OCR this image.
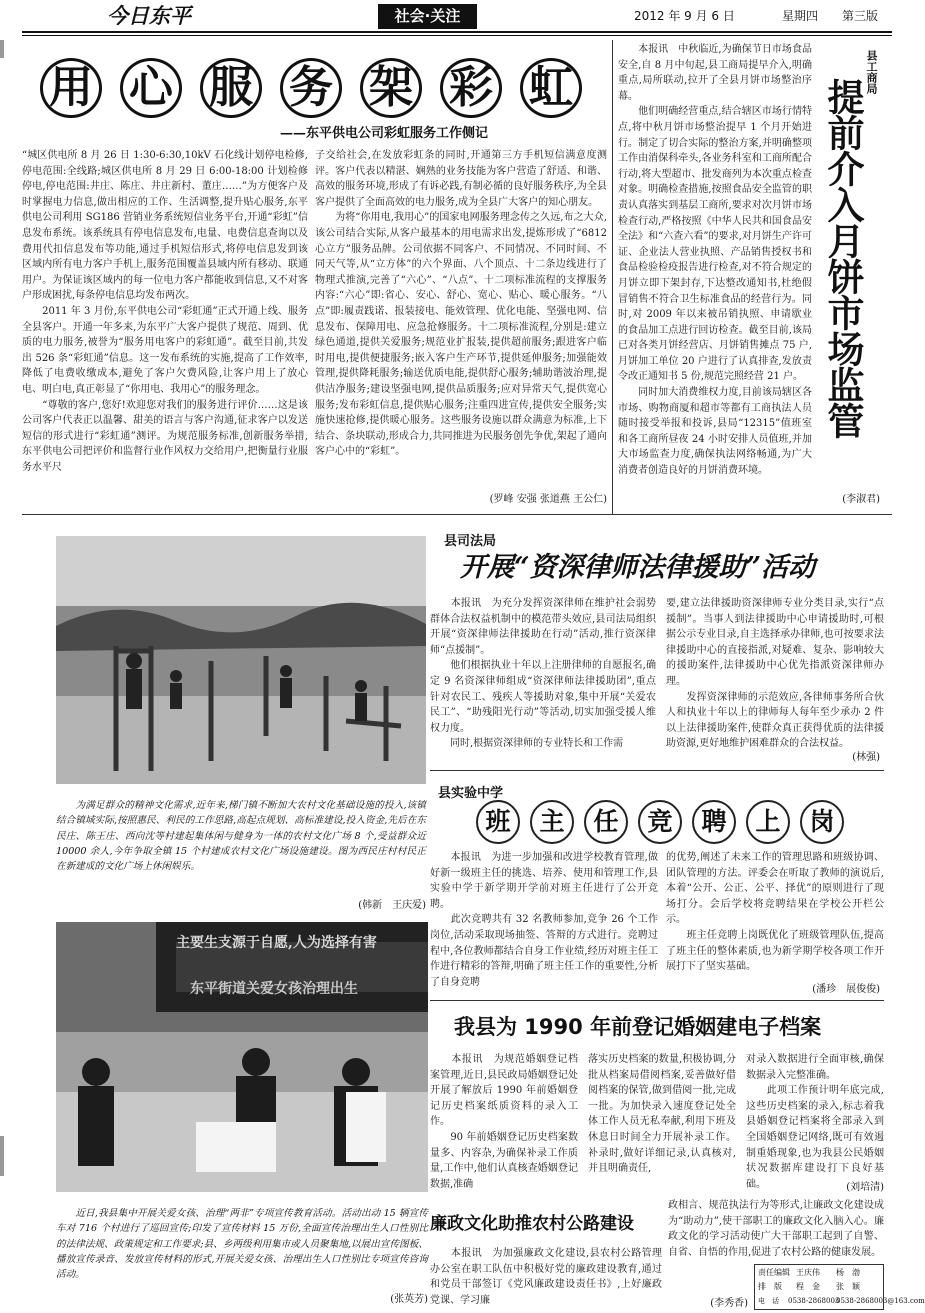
今日东平	社会·关注	2012 年 9 月 6 日	星期四	第三版
用 心 服 务 架 彩 虹
——东平供电公司彩虹服务工作侧记
“城区供电所 8 月 26 日 1:30-6:30,10kV 石化线计划停电检修,停电范围:全线路;城区供电所 8 月 29 日 6:00-18:00 计划检修停电,停电范围:井庄、陈庄、井庄新村、董庄……”为方便客户及时掌握电力信息,做出相应的工作、生活调整,提升贴心服务,东平供电公司利用 SG186 营销业务系统短信业务平台,开通“彩虹”信息发布系统。该系统具有停电信息发布,电量、电费信息查询以及费用代扣信息发布等功能,通过手机短信形式,将停电信息发到该区域内所有电力客户手机上,服务范围覆盖县域内所有移动、联通用户。为保证该区域内的每一位电力客户都能收到信息,又不对客户形成困扰,每条停电信息均发布两次。
　　2011 年 3 月份,东平供电公司“彩虹通”正式开通上线、服务全县客户。开通一年多来,为东平广大客户提供了规范、周到、优质的电力服务,被誉为“服务用电客户的彩虹通”。截至目前,共发出 526 条“彩虹通”信息。这一发布系统的实施,提高了工作效率,降低了电费收缴成本,避免了客户欠费风险,让客户用上了放心电、明白电,真正彰显了“你用电、我用心”的服务理念。
　　“尊敬的客户,您好!欢迎您对我们的服务进行评价……这是该公司客户代表正以温馨、甜美的语言与客户沟通,征求客户以发送短信的形式进行“彩虹通”测评。为规范服务标准,创新服务举措,东平供电公司把评价和监督行业作风权力交给用户,把衡量行业服务水平尺
子交给社会,在发放彩虹条的同时,开通第三方手机短信满意度测评。客户代表以精湛、娴熟的业务技能为客户营造了舒适、和谐、高效的服务环境,形成了有诉必践,有制必循的良好服务秩序,为全县客户提供了全面高效的电力服务,成为全县广大客户的知心朋友。
　　为将“你用电,我用心”的国家电网服务理念传之久远,布之大众,该公司结合实际,从客户最基本的用电需求出发,提炼形成了“6812 心立方”服务品牌。公司依据不同客户、不同情况、不同时间、不同天气等,从“立方体”的六个界面、八个顶点、十二条边线进行了物理式推演,完善了“六心”、“八点”、十二项标准流程的支撑服务内容:“六心”即:省心、安心、舒心、宽心、贴心、暖心服务。“八点”即:履责践诺、报装接电、能效管理、优化电能、坚强电网、信息发布、保障用电、应急抢修服务。十二项标准流程,分别是:建立绿色通道,提供关爱服务;规范业扩报装,提供超前服务;跟进客户临时用电,提供便捷服务;嵌入客户生产环节,提供延伸服务;加强能效管理,提供降耗服务;输送优质电能,提供舒心服务;辅助谐波治理,提供洁净服务;建设坚强电网,提供品质服务;应对异常天气,提供宽心服务;发布彩虹信息,提供贴心服务;注重四进宣传,提供安全服务;实施快速抢修,提供暖心服务。这些服务设施以群众满意为标准,上下结合、条块联动,形成合力,共同推进为民服务创先争优,架起了通向客户心中的“彩虹”。
(罗峰 安强 张道燕 王公仁)
　　本报讯　中秋临近,为确保节日市场食品安全,自 8 月中旬起,县工商局提早介入,明确重点,局所联动,拉开了全县月饼市场整治序幕。
　　他们明确经营重点,结合辖区市场行情特点,将中秋月饼市场整治提早 1 个月开始进行。制定了切合实际的整治方案,并明确整项工作由消保科牵头,各业务科室和工商所配合行动,将大型超市、批发商列为本次重点检查对象。明确检查措施,按照食品安全监管的职责认真落实到基层工商所,要求对次月饼市场检查行动,严格按照《中华人民共和国食品安全法》和“六查六看”的要求,对月饼生产许可证、企业法人营业执照、产品销售授权书和食品检验检疫报告进行检查,对不符合规定的月饼立即下架封存,下达整改通知书,杜绝假冒销售不符合卫生标准食品的经营行为。同时,对 2009 年以来被吊销执照、申请歇业的食品加工点进行回访检查。截至目前,该局已对各类月饼经营店、月饼销售摊点 75 户,月饼加工单位 20 户进行了认真排查,发放责令改正通知书 5 份,规范完照经营 21 户。
　　同时加大消费维权力度,目前该局辖区各市场、购物商厦和超市等都有工商执法人员随时接受举报和投诉,县局“12315”值班室和各工商所昼夜 24 小时安排人员值班,并加大市场监查力度,确保执法网络畅通,为广大消费者创造良好的月饼消费环境。
县工商局
提前介入月饼市场监管
(李淑君)
　　为满足群众的精神文化需求,近年来,梯门镇不断加大农村文化基础设施的投入,该镇结合镇域实际,按照惠民、利民的工作思路,高起点规划、高标准建设,投入资金,先后在东民庄、陈王庄、西向沈等村建起集体闲与健身为一体的农村文化广场 8 个,受益群众近 10000 余人,今年争取全镇 15 个村建成农村文化广场设施建设。图为西民庄村村民正在新建成的文化广场上休闲娱乐。
(韩新　王庆爱)
县司法局
开展“资深律师法律援助”活动
　　本报讯　为充分发挥资深律师在维护社会弱势群体合法权益机制中的模范带头效应,县司法局组织开展“资深律师法律援助在行动”活动,推行资深律师“点援制”。
　　他们根据执业十年以上注册律师的自愿报名,确定 9 名资深律师组成“资深律师法律援助团”,重点针对农民工、残疾人等援助对象,集中开展“关爱农民工”、“助残阳光行动”等活动,切实加强受援人维权力度。
　　同时,根据资深律师的专业特长和工作需
要,建立法律援助资深律师专业分类目录,实行“点援制”。当事人到法律援助中心申请援助时,可根据公示专业目录,自主选择承办律师,也可按要求法律援助中心的直接指派,对疑难、复杂、影响较大的援助案件,法律援助中心优先指派资深律师办理。
　　发挥资深律师的示范效应,各律师事务所合伙人和执业十年以上的律师每人每年至少承办 2 件以上法律援助案件,使群众真正获得优质的法律援助资源,更好地维护困难群众的合法权益。
(林强)
县实验中学
班 主 任 竞 聘 上 岗
　　本报讯　为进一步加强和改进学校教育管理,做好新一级班主任的挑选、培养、使用和管理工作,县实验中学于新学期开学前对班主任进行了公开竞聘。
　　此次竞聘共有 32 名教师参加,竞争 26 个工作岗位,活动采取现场抽签、答辩的方式进行。竞聘过程中,各位教师都结合自身工作业绩,经历对班主任工作进行精彩的答辩,明确了班主任工作的重要性,分析了自身竞聘
的优势,阐述了未来工作的管理思路和班级协调、团队管理的方法。评委会在听取了教师的演说后,本着“公开、公正、公平、择优”的原则进行了现场打分。会后学校将竞聘结果在学校公开栏公示。
　　班主任竞聘上岗既优化了班级管理队伍,提高了班主任的整体素质,也为新学期学校各项工作开展打下了坚实基础。
(潘珍　展俊俊)
主要生支源于自愿,人为选择有害
东平街道关爱女孩治理出生
　　近日,我县集中开展关爱女孩、治理“两非”专项宣传教育活动。活动出动 15 辆宣传车对 716 个村进行了巡回宣传;印发了宣传材料 15 万份,全面宣传治理出生人口性别比的法律法规、政策规定和工作要求;县、乡两级利用集市或人员聚集地,以展出宣传图板、播放宣传录音、发放宣传材料的形式,开展关爱女孩、治理出生人口性别比专项宣传咨询活动。
(张英芳)
我县为 1990 年前登记婚姻建电子档案
　　本报讯　为规范婚姻登记档案管理,近日,县民政局婚姻登记处开展了解放后 1990 年前婚姻登记历史档案纸质资料的录入工作。
　　90 年前婚姻登记历史档案数量多、内容杂,为确保补录工作质量,工作中,他们认真核查婚姻登记数据,准确
落实历史档案的数量,积极协调,分批从档案局借阅档案,妥善做好借阅档案的保管,做到借阅一批,完成一批。为加快录入速度登记处全体工作人员无私奉献,利用下班及休息日时间全力开展补录工作。补录时,做好详细记录,认真核对,并且明确责任,
对录入数据进行全面审核,确保数据录入完整准确。
　　此项工作预计明年底完成,这些历史档案的录入,标志着我县婚姻登记档案将全部录入到全国婚姻登记网络,既可有效遏制重婚现象,也为我县公民婚姻状况数据库建设打下良好基础。	(刘培清)
廉政文化助推农村公路建设
　　本报讯　为加强廉政文化建设,县农村公路管理办公室在职工队伍中积极好党的廉政建设教育,通过和党员干部签订《党风廉政建设责任书》,上好廉政党课、学习廉
政相言、规范执法行为等形式,让廉政文化建设成为“助动力”,使干部职工的廉政文化入脑入心。廉政文化的学习活动使广大干部职工起到了自警、自省、自悟的作用,促进了农村公路的健康发展。
(李秀香)
责任编辑 王庆伟 杨　渤
排　版 程　金 张　颖
电　话 0538-28680030538-2868003@163.com
